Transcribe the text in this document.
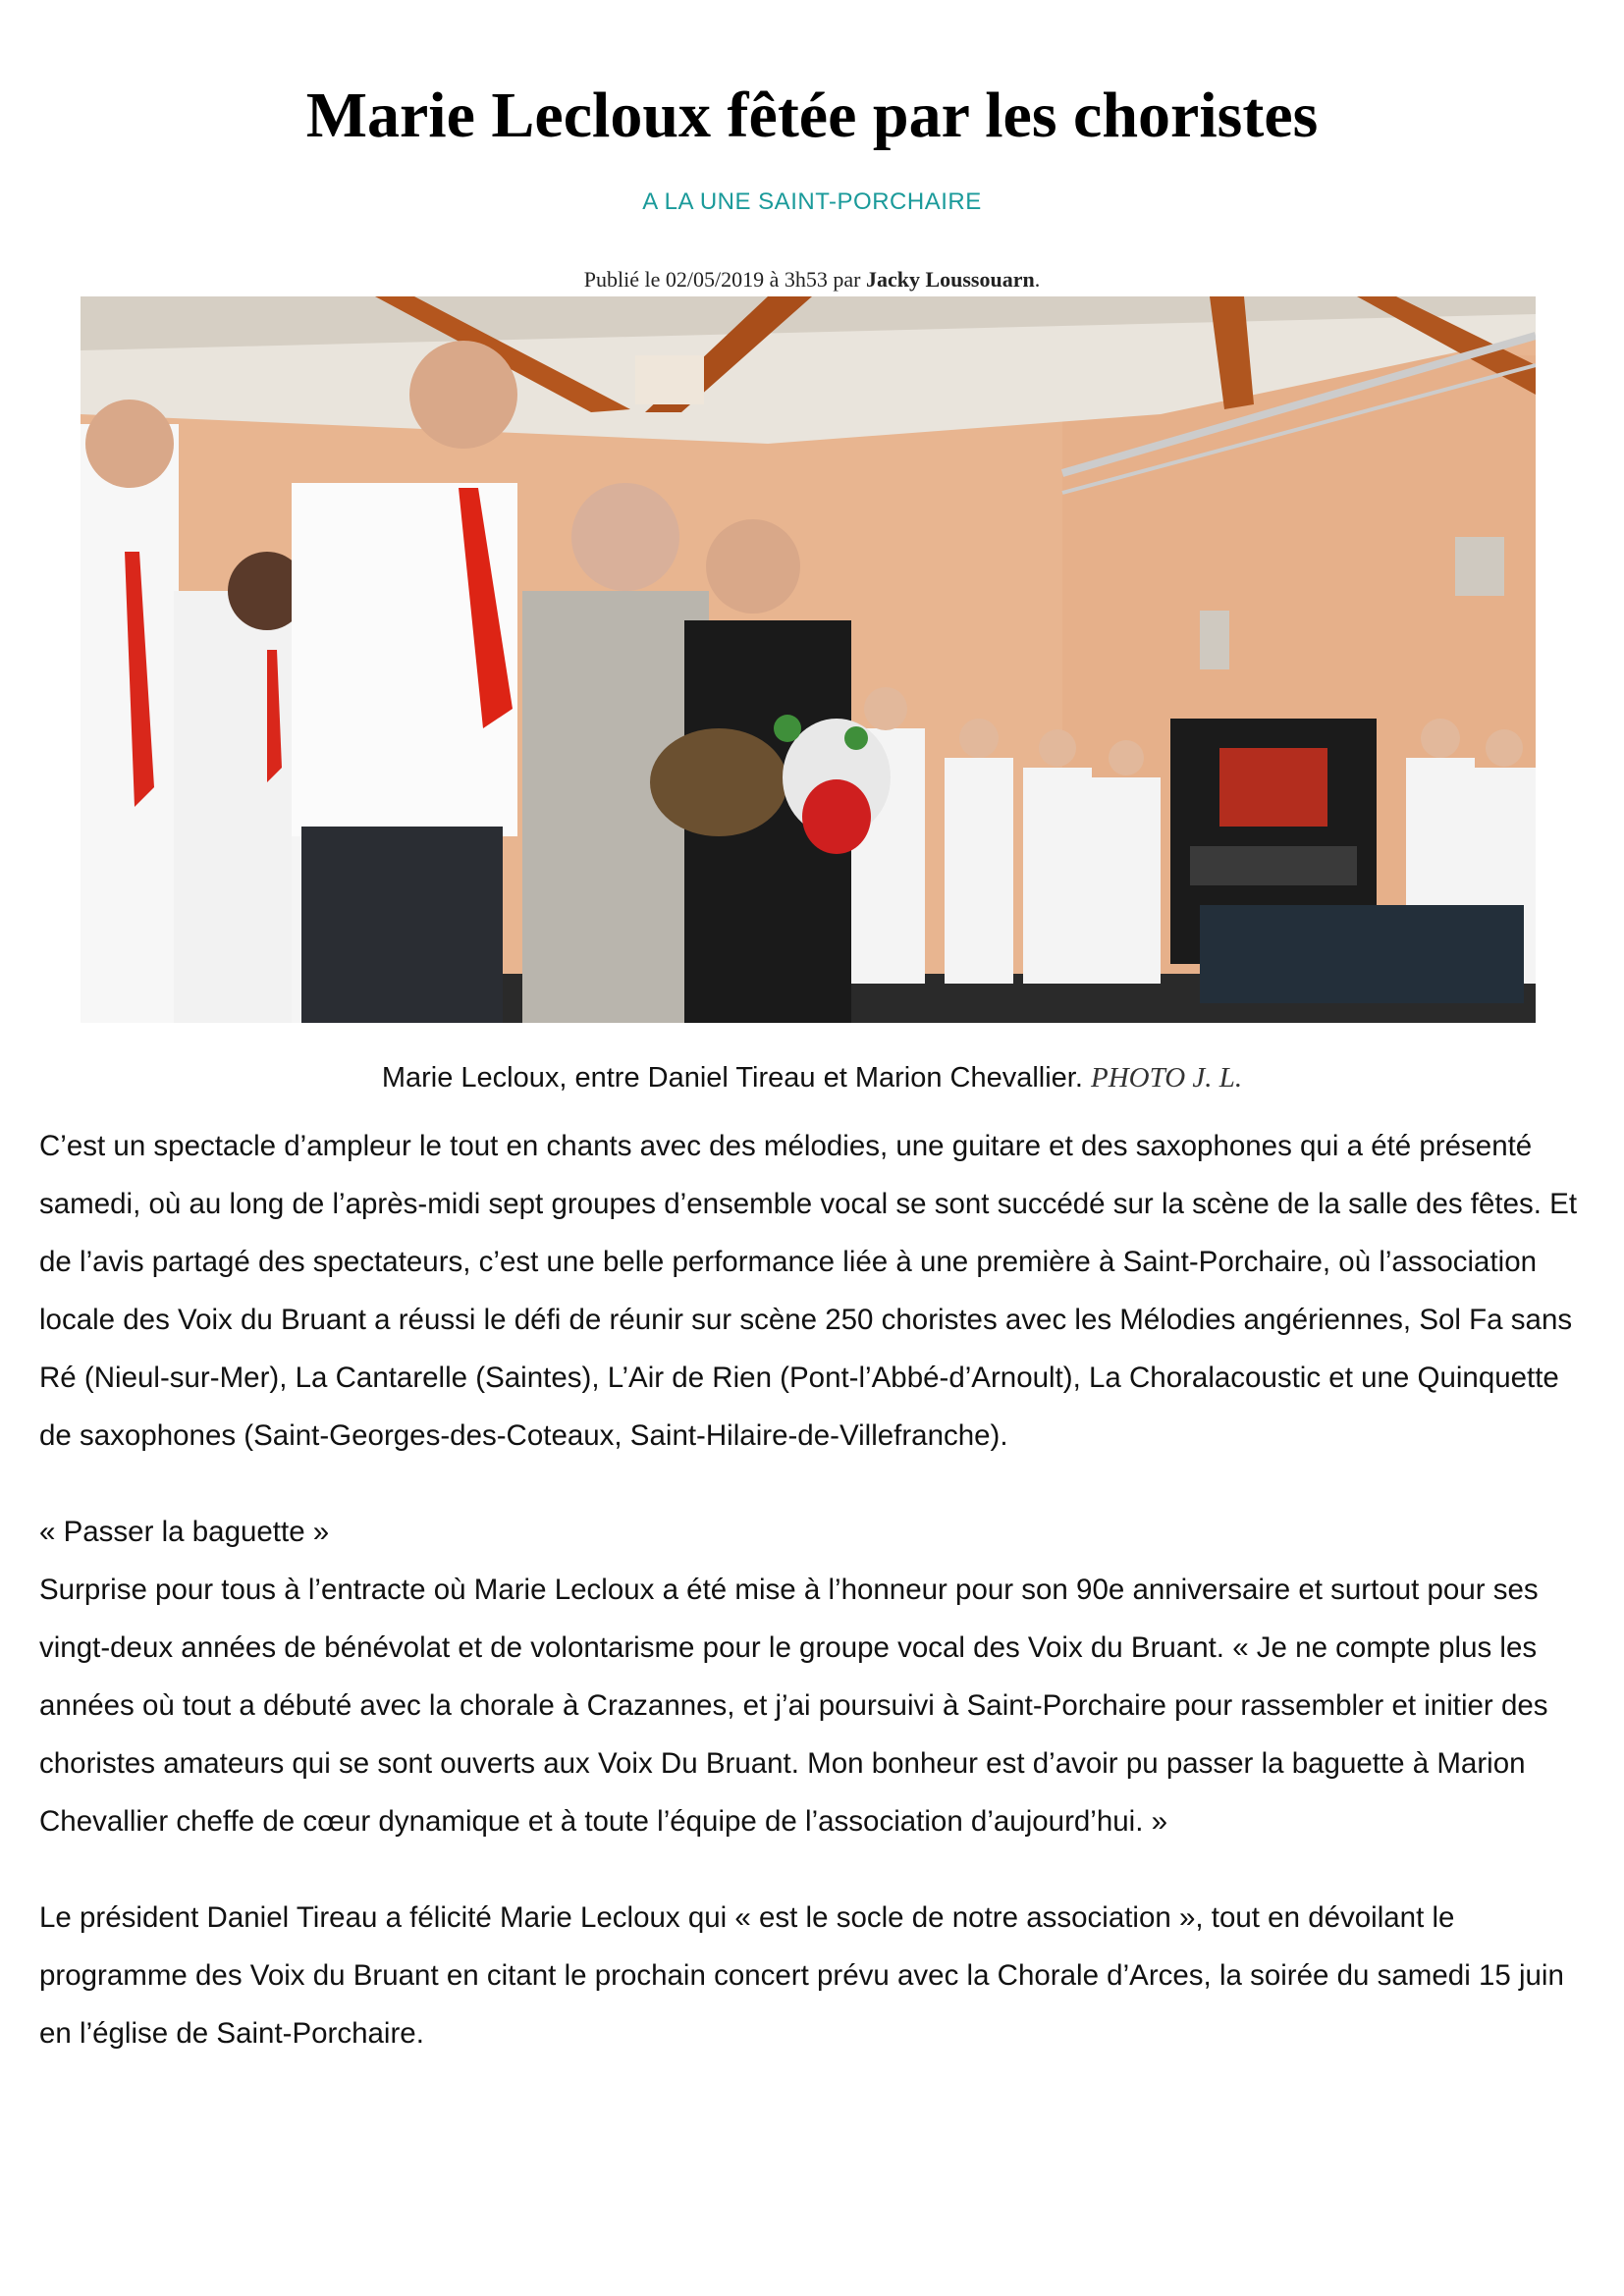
Marie Lecloux fêtée par les choristes
A LA UNE SAINT-PORCHAIRE
Publié le 02/05/2019 à 3h53 par Jacky Loussouarn.
Marie Lecloux, entre Daniel Tireau et Marion Chevallier. PHOTO J. L.

C’est un spectacle d’ampleur le tout en chants avec des mélodies, une guitare et des saxophones qui a été présenté samedi, où au long de l’après-midi sept groupes d’ensemble vocal se sont succédé sur la scène de la salle des fêtes. Et de l’avis partagé des spectateurs, c’est une belle performance liée à une première à Saint-Porchaire, où l’association locale des Voix du Bruant a réussi le défi de réunir sur scène 250 choristes avec les Mélodies angériennes, Sol Fa sans Ré (Nieul-sur-Mer), La Cantarelle (Saintes), L’Air de Rien (Pont-l’Abbé-d’Arnoult), La Choralacoustic et une Quinquette de saxophones (Saint-Georges-des-Coteaux, Saint-Hilaire-de-Villefranche).

« Passer la baguette »

Surprise pour tous à l’entracte où Marie Lecloux a été mise à l’honneur pour son 90e anniversaire et surtout pour ses vingt-deux années de bénévolat et de volontarisme pour le groupe vocal des Voix du Bruant. « Je ne compte plus les années où tout a débuté avec la chorale à Crazannes, et j’ai poursuivi à Saint-Porchaire pour rassembler et initier des choristes amateurs qui se sont ouverts aux Voix Du Bruant. Mon bonheur est d’avoir pu passer la baguette à Marion Chevallier cheffe de cœur dynamique et à toute l’équipe de l’association d’aujourd’hui. »

Le président Daniel Tireau a félicité Marie Lecloux qui « est le socle de notre association », tout en dévoilant le programme des Voix du Bruant en citant le prochain concert prévu avec la Chorale d’Arces, la soirée du samedi 15 juin en l’église de Saint-Porchaire.
